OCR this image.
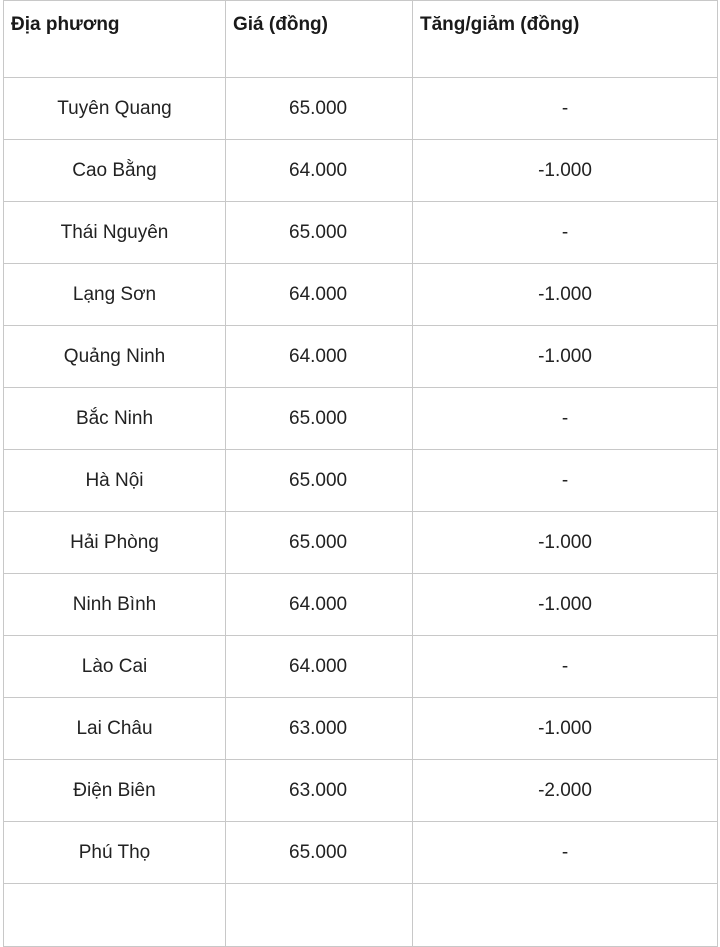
Địa phương	Giá (đồng)	Tăng/giảm (đồng)
Tuyên Quang	65.000	-
Cao Bằng	64.000	-1.000
Thái Nguyên	65.000	-
Lạng Sơn	64.000	-1.000
Quảng Ninh	64.000	-1.000
Bắc Ninh	65.000	-
Hà Nội	65.000	-
Hải Phòng	65.000	-1.000
Ninh Bình	64.000	-1.000
Lào Cai	64.000	-
Lai Châu	63.000	-1.000
Điện Biên	63.000	-2.000
Phú Thọ	65.000	-
